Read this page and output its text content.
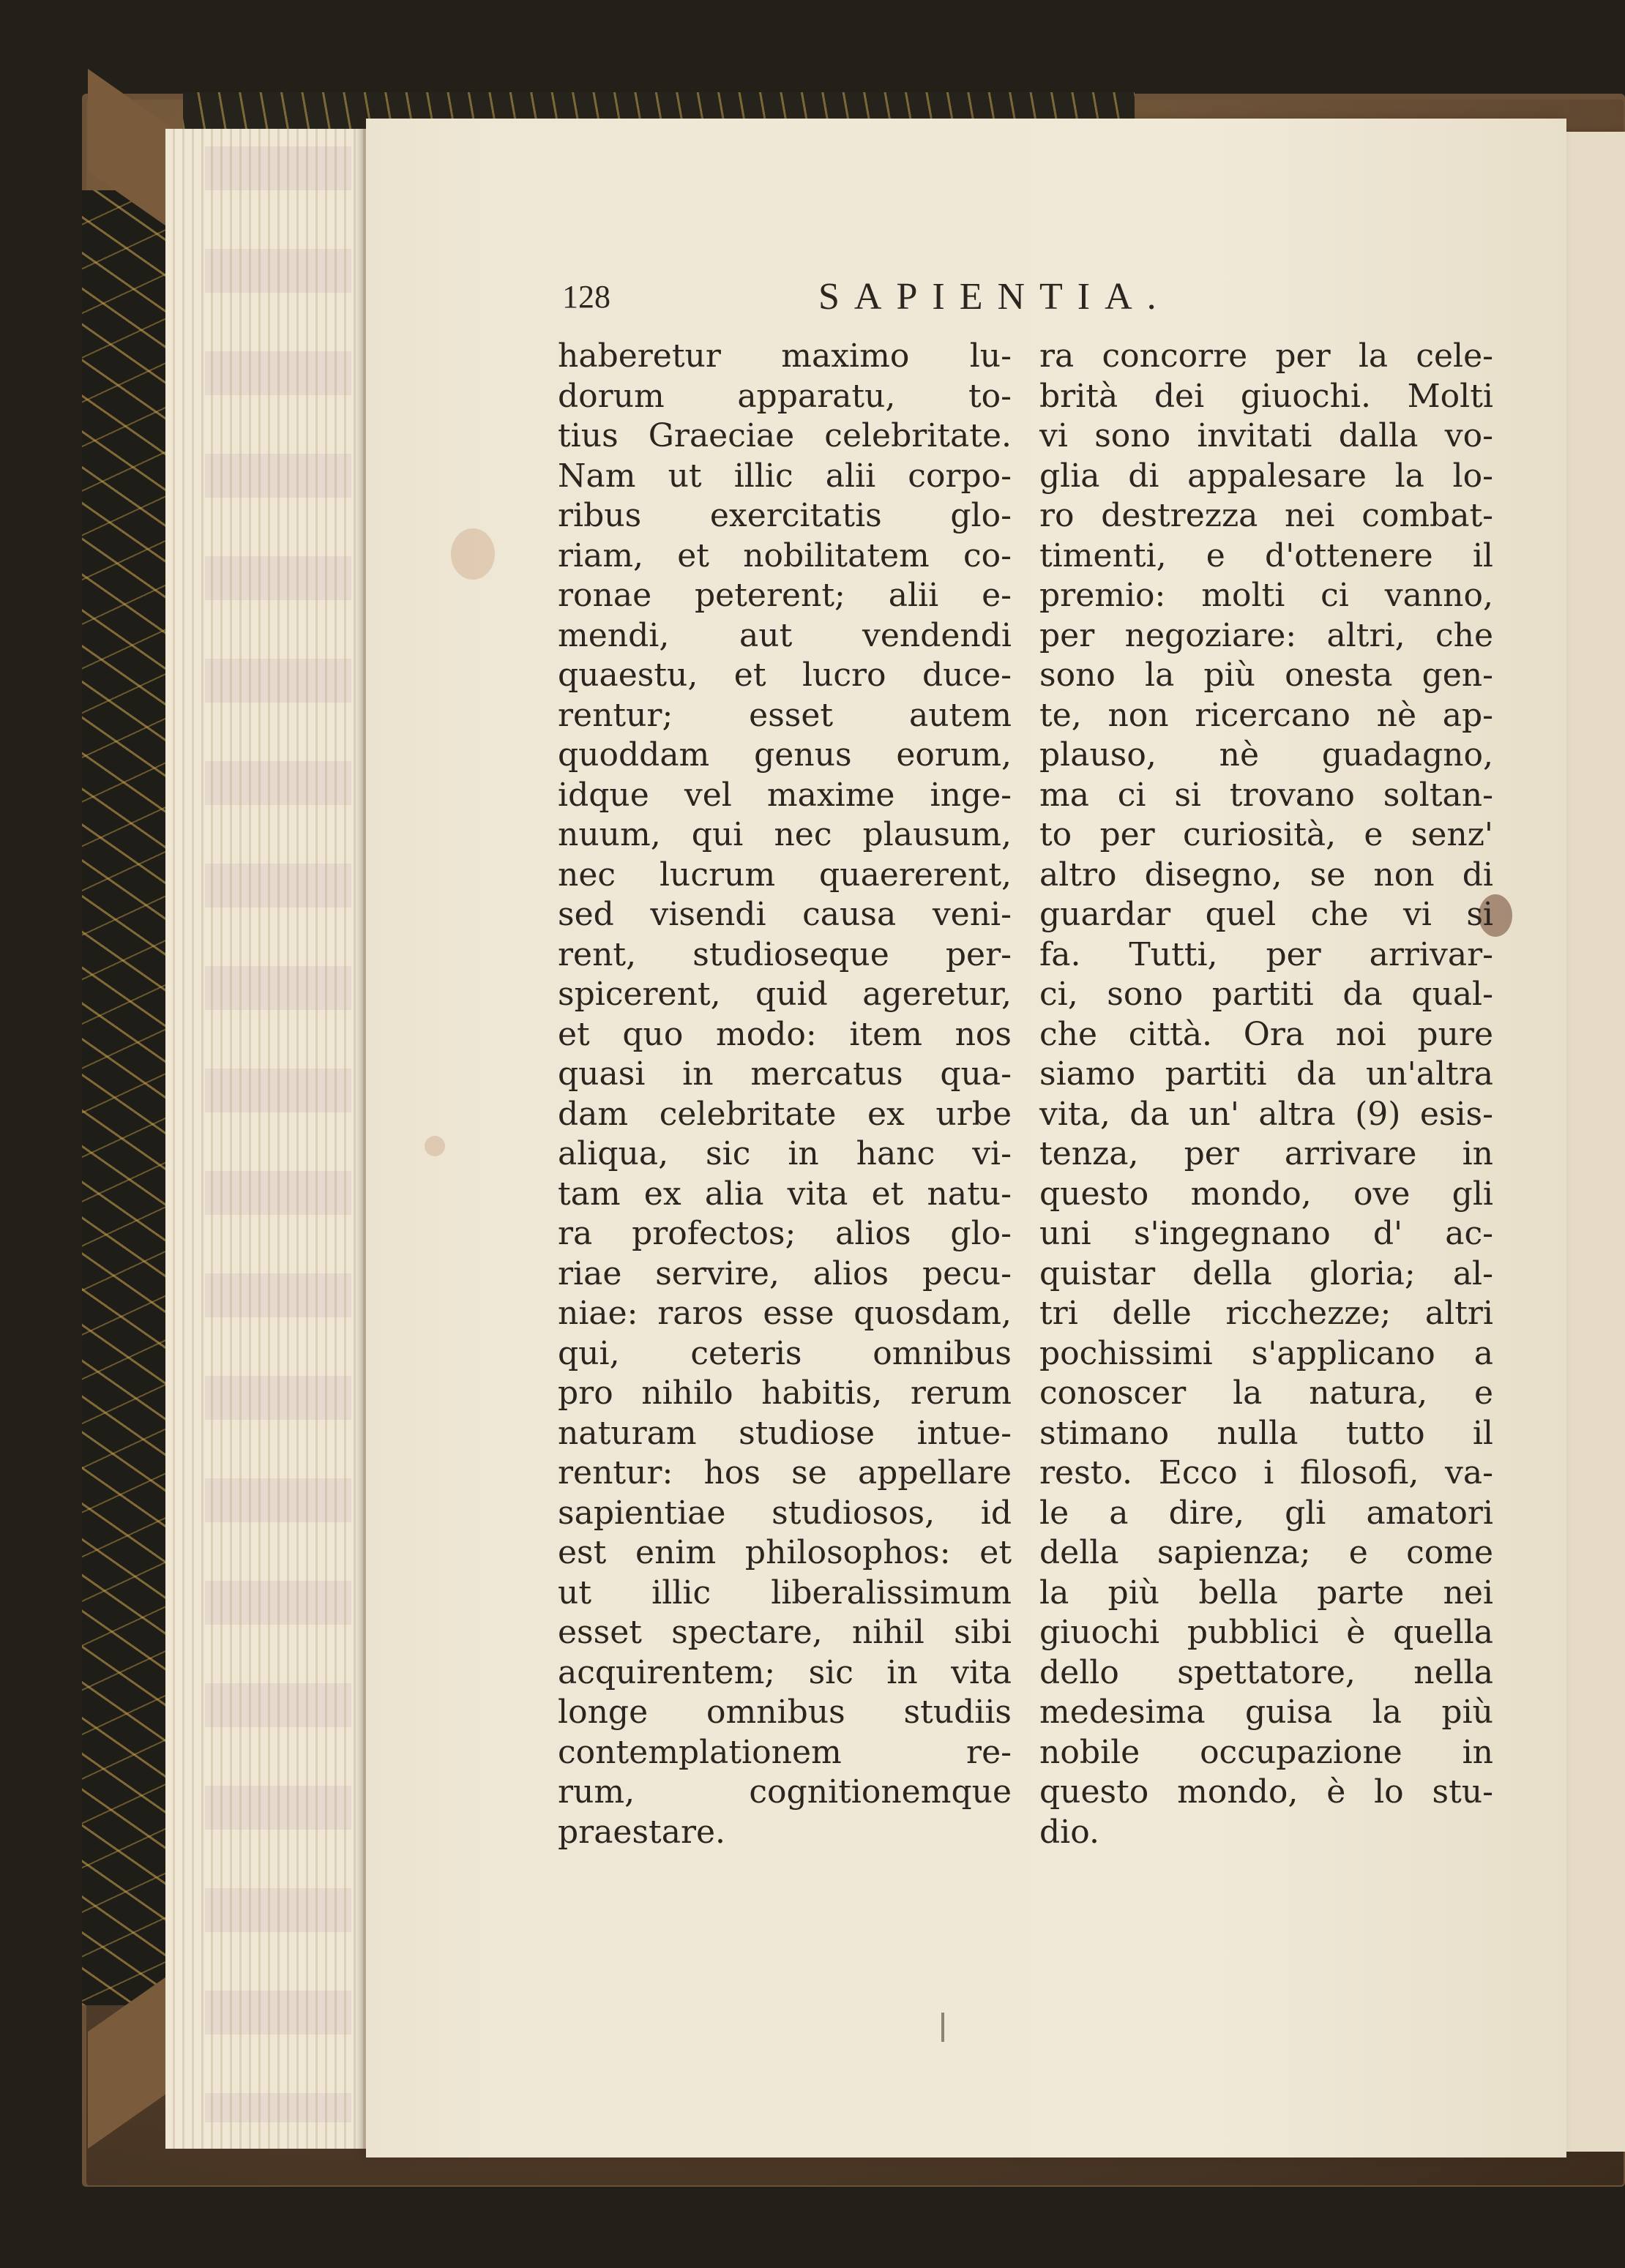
128	SAPIENTIA.
haberetur maximo lu-
dorum apparatu, to-
tius Graeciae celebritate.
Nam ut illic alii corpo-
ribus exercitatis glo-
riam, et nobilitatem co-
ronae peterent; alii e-
mendi, aut vendendi
quaestu, et lucro duce-
rentur; esset autem
quoddam genus eorum,
idque vel maxime inge-
nuum, qui nec plausum,
nec lucrum quaererent,
sed visendi causa veni-
rent, studioseque per-
spicerent, quid ageretur,
et quo modo: item nos
quasi in mercatus qua-
dam celebritate ex urbe
aliqua, sic in hanc vi-
tam ex alia vita et natu-
ra profectos; alios glo-
riae servire, alios pecu-
niae: raros esse quosdam,
qui, ceteris omnibus
pro nihilo habitis, rerum
naturam studiose intue-
rentur: hos se appellare
sapientiae studiosos, id
est enim philosophos: et
ut illic liberalissimum
esset spectare, nihil sibi
acquirentem; sic in vita
longe omnibus studiis
contemplationem re-
rum, cognitionemque
praestare.
ra concorre per la cele-
brità dei giuochi. Molti
vi sono invitati dalla vo-
glia di appalesare la lo-
ro destrezza nei combat-
timenti, e d'ottenere il
premio: molti ci vanno,
per negoziare: altri, che
sono la più onesta gen-
te, non ricercano nè ap-
plauso, nè guadagno,
ma ci si trovano soltan-
to per curiosità, e senz'
altro disegno, se non di
guardar quel che vi si
fa. Tutti, per arrivar-
ci, sono partiti da qual-
che città. Ora noi pure
siamo partiti da un'altra
vita, da un' altra (9) esis-
tenza, per arrivare in
questo mondo, ove gli
uni s'ingegnano d' ac-
quistar della gloria; al-
tri delle ricchezze; altri
pochissimi s'applicano a
conoscer la natura, e
stimano nulla tutto il
resto. Ecco i filosofi, va-
le a dire, gli amatori
della sapienza; e come
la più bella parte nei
giuochi pubblici è quella
dello spettatore, nella
medesima guisa la più
nobile occupazione in
questo mondo, è lo stu-
dio.
